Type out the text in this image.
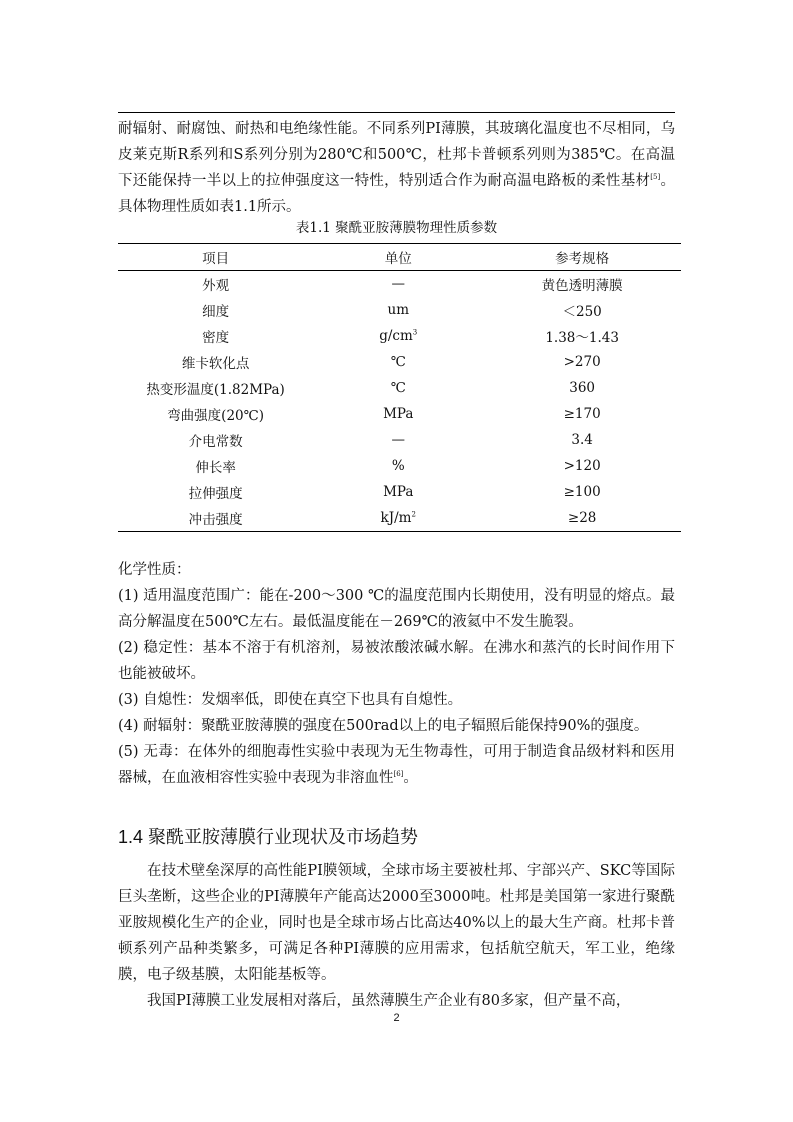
耐辐射、耐腐蚀、耐热和电绝缘性能。不同系列PI薄膜，其玻璃化温度也不尽相同，乌皮莱克斯R系列和S系列分别为280℃和500℃，杜邦卡普顿系列则为385℃。在高温下还能保持一半以上的拉伸强度这一特性，特别适合作为耐高温电路板的柔性基材[5]。具体物理性质如表1.1所示。

表1.1 聚酰亚胺薄膜物理性质参数
项目	单位	参考规格
外观	—	黄色透明薄膜
细度	um	＜250
密度	$g/cm^3$	1.38～1.43
维卡软化点	℃	>270
热变形温度(1.82MPa)	℃	360
弯曲强度(20℃)	MPa	≥170
介电常数	—	3.4
伸长率	%	>120
拉伸强度	MPa	≥100
冲击强度	$kJ/m^2$	≥28

化学性质：

(1) 适用温度范围广：能在-200～300 ℃的温度范围内长期使用，没有明显的熔点。最高分解温度在500℃左右。最低温度能在－269℃的液氦中不发生脆裂。

(2) 稳定性：基本不溶于有机溶剂，易被浓酸浓碱水解。在沸水和蒸汽的长时间作用下也能被破坏。

(3) 自熄性：发烟率低，即使在真空下也具有自熄性。

(4) 耐辐射：聚酰亚胺薄膜的强度在500rad以上的电子辐照后能保持90%的强度。

(5) 无毒：在体外的细胞毒性实验中表现为无生物毒性，可用于制造食品级材料和医用器械，在血液相容性实验中表现为非溶血性[6]。

1.4 聚酰亚胺薄膜行业现状及市场趋势

在技术壁垒深厚的高性能PI膜领域，全球市场主要被杜邦、宇部兴产、SKC等国际巨头垄断，这些企业的PI薄膜年产能高达2000至3000吨。杜邦是美国第一家进行聚酰亚胺规模化生产的企业，同时也是全球市场占比高达40%以上的最大生产商。杜邦卡普顿系列产品种类繁多，可满足各种PI薄膜的应用需求，包括航空航天，军工业，绝缘膜，电子级基膜，太阳能基板等。

我国PI薄膜工业发展相对落后，虽然薄膜生产企业有80多家，但产量不高，

2
